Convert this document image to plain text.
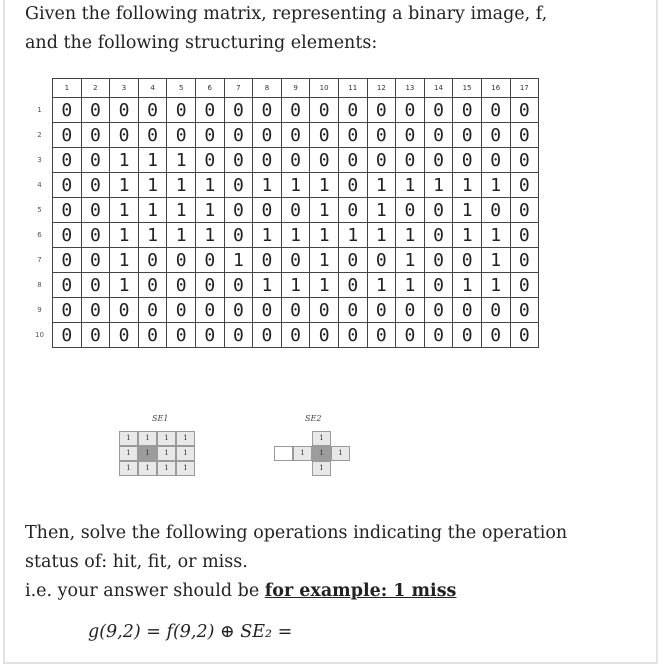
Given the following matrix, representing a binary image, f,

and the following structuring elements:

	1	2	3	4	5	6	7	8	9	10	11	12	13	14	15	16	17
1	0	0	0	0	0	0	0	0	0	0	0	0	0	0	0	0	0
2	0	0	0	0	0	0	0	0	0	0	0	0	0	0	0	0	0
3	0	0	1	1	1	0	0	0	0	0	0	0	0	0	0	0	0
4	0	0	1	1	1	1	0	1	1	1	0	1	1	1	1	1	0
5	0	0	1	1	1	1	0	0	0	1	0	1	0	0	1	0	0
6	0	0	1	1	1	1	0	1	1	1	1	1	1	0	1	1	0
7	0	0	1	0	0	0	1	0	0	1	0	0	1	0	0	1	0
8	0	0	1	0	0	0	0	1	1	1	0	1	1	0	1	1	0
9	0	0	0	0	0	0	0	0	0	0	0	0	0	0	0	0	0
10	0	0	0	0	0	0	0	0	0	0	0	0	0	0	0	0	0
SE1
1	1	1	1
1	1	1	1
1	1	1	1
SE2
1
1	1	1
1

Then, solve the following operations indicating the operation

status of: hit, fit, or miss.

i.e. your answer should be for example: 1 miss

g(9,2) = f(9,2) ⊕ SE₂ =
